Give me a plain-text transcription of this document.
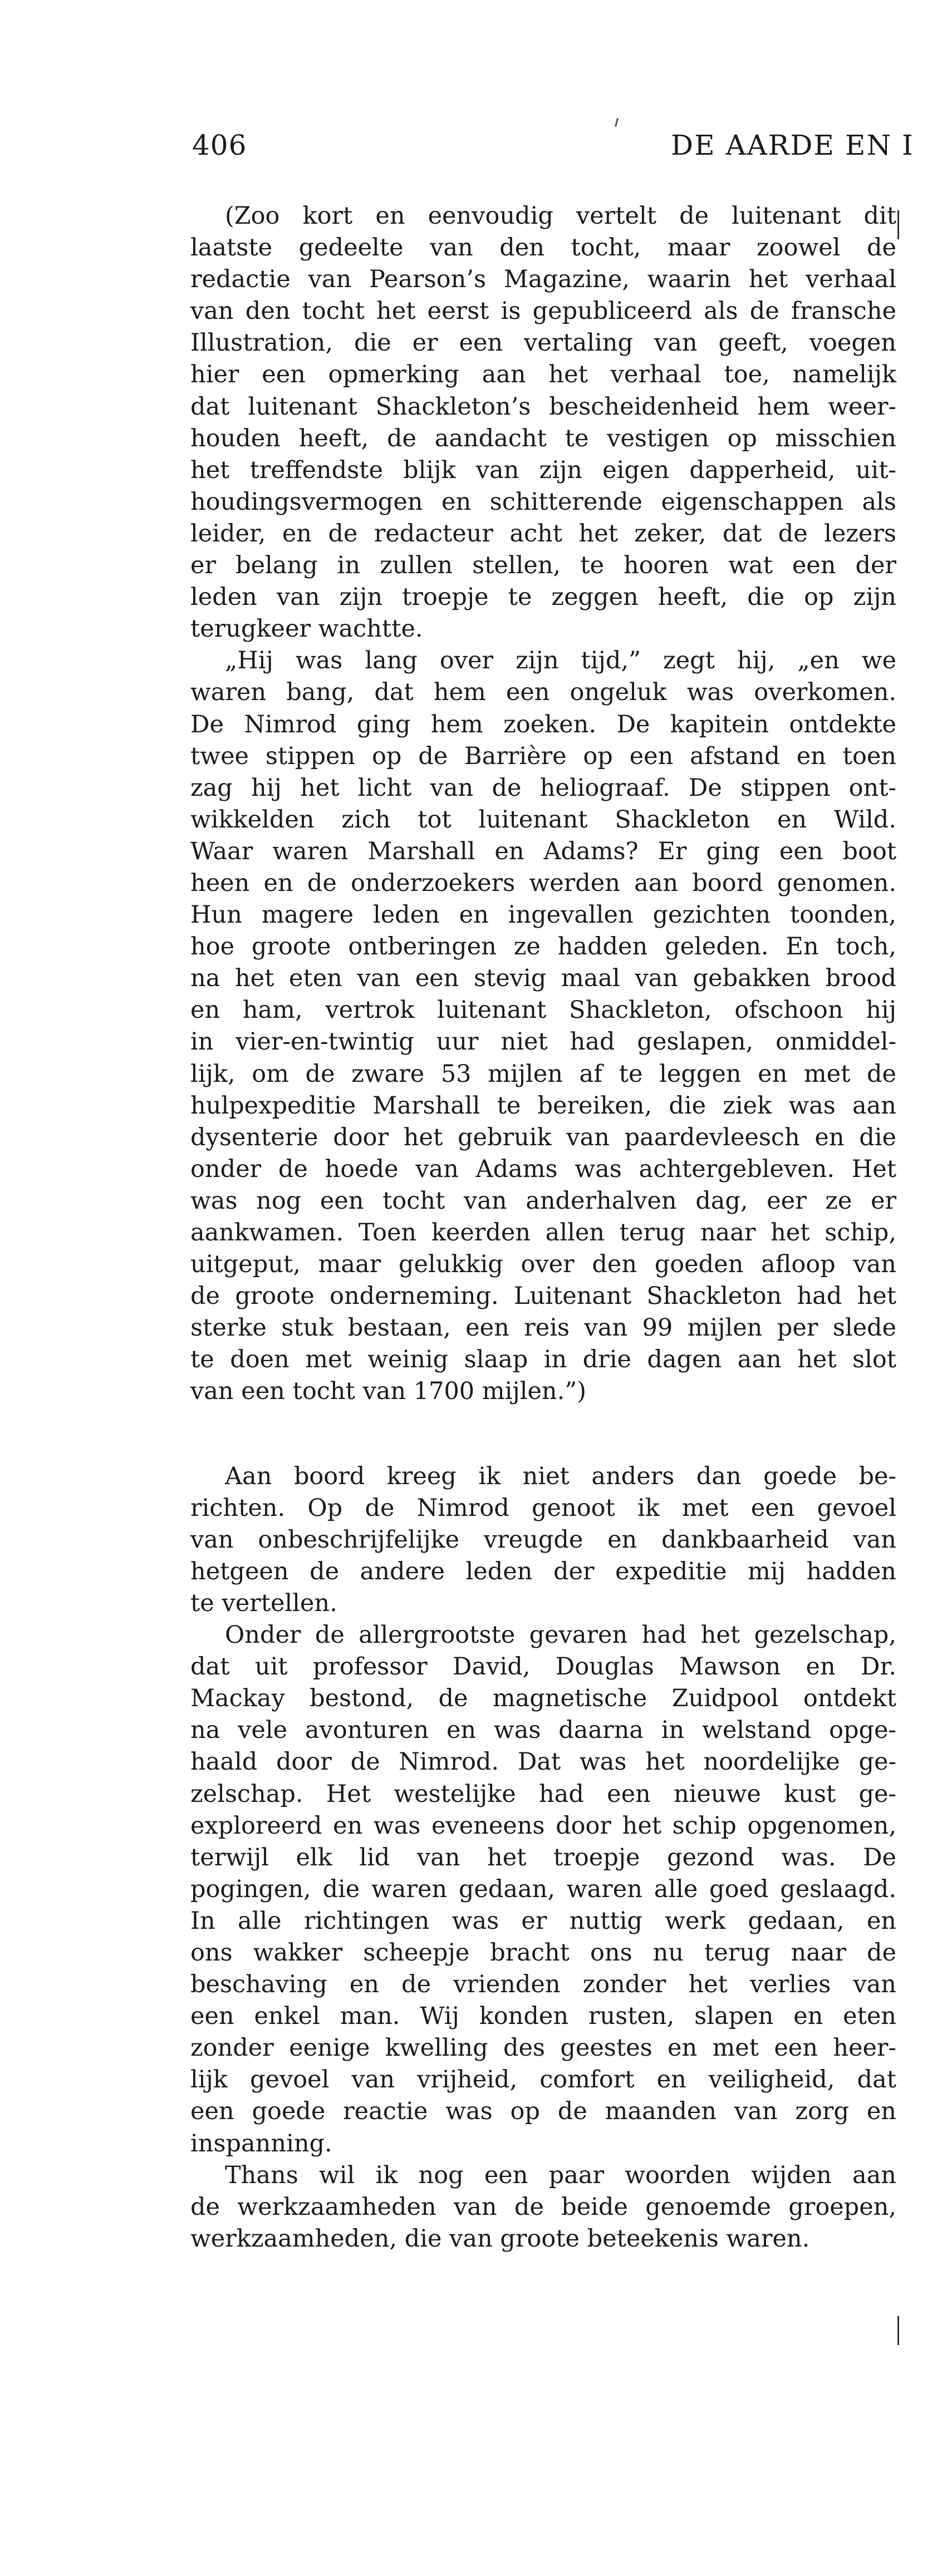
406	DE AARDE EN I

(Zoo kort en eenvoudig vertelt de luitenant dit

laatste gedeelte van den tocht, maar zoowel de

redactie van Pearson’s Magazine, waarin het verhaal

van den tocht het eerst is gepubliceerd als de fransche

Illustration, die er een vertaling van geeft, voegen

hier een opmerking aan het verhaal toe, namelijk

dat luitenant Shackleton’s bescheidenheid hem weer-

houden heeft, de aandacht te vestigen op misschien

het treffendste blijk van zijn eigen dapperheid, uit-

houdingsvermogen en schitterende eigenschappen als

leider, en de redacteur acht het zeker, dat de lezers

er belang in zullen stellen, te hooren wat een der

leden van zijn troepje te zeggen heeft, die op zijn

terugkeer wachtte.

„Hij was lang over zijn tijd,” zegt hij, „en we

waren bang, dat hem een ongeluk was overkomen.

De Nimrod ging hem zoeken. De kapitein ontdekte

twee stippen op de Barrière op een afstand en toen

zag hij het licht van de heliograaf. De stippen ont-

wikkelden zich tot luitenant Shackleton en Wild.

Waar waren Marshall en Adams? Er ging een boot

heen en de onderzoekers werden aan boord genomen.

Hun magere leden en ingevallen gezichten toonden,

hoe groote ontberingen ze hadden geleden. En toch,

na het eten van een stevig maal van gebakken brood

en ham, vertrok luitenant Shackleton, ofschoon hij

in vier-en-twintig uur niet had geslapen, onmiddel-

lijk, om de zware 53 mijlen af te leggen en met de

hulpexpeditie Marshall te bereiken, die ziek was aan

dysenterie door het gebruik van paardevleesch en die

onder de hoede van Adams was achtergebleven. Het

was nog een tocht van anderhalven dag, eer ze er

aankwamen. Toen keerden allen terug naar het schip,

uitgeput, maar gelukkig over den goeden afloop van

de groote onderneming. Luitenant Shackleton had het

sterke stuk bestaan, een reis van 99 mijlen per slede

te doen met weinig slaap in drie dagen aan het slot

van een tocht van 1700 mijlen.”)

Aan boord kreeg ik niet anders dan goede be-

richten. Op de Nimrod genoot ik met een gevoel

van onbeschrijfelijke vreugde en dankbaarheid van

hetgeen de andere leden der expeditie mij hadden

te vertellen.

Onder de allergrootste gevaren had het gezelschap,

dat uit professor David, Douglas Mawson en Dr.

Mackay bestond, de magnetische Zuidpool ontdekt

na vele avonturen en was daarna in welstand opge-

haald door de Nimrod. Dat was het noordelijke ge-

zelschap. Het westelijke had een nieuwe kust ge-

exploreerd en was eveneens door het schip opgenomen,

terwijl elk lid van het troepje gezond was. De

pogingen, die waren gedaan, waren alle goed geslaagd.

In alle richtingen was er nuttig werk gedaan, en

ons wakker scheepje bracht ons nu terug naar de

beschaving en de vrienden zonder het verlies van

een enkel man. Wij konden rusten, slapen en eten

zonder eenige kwelling des geestes en met een heer-

lijk gevoel van vrijheid, comfort en veiligheid, dat

een goede reactie was op de maanden van zorg en

inspanning.

Thans wil ik nog een paar woorden wijden aan

de werkzaamheden van de beide genoemde groepen,

werkzaamheden, die van groote beteekenis waren.
